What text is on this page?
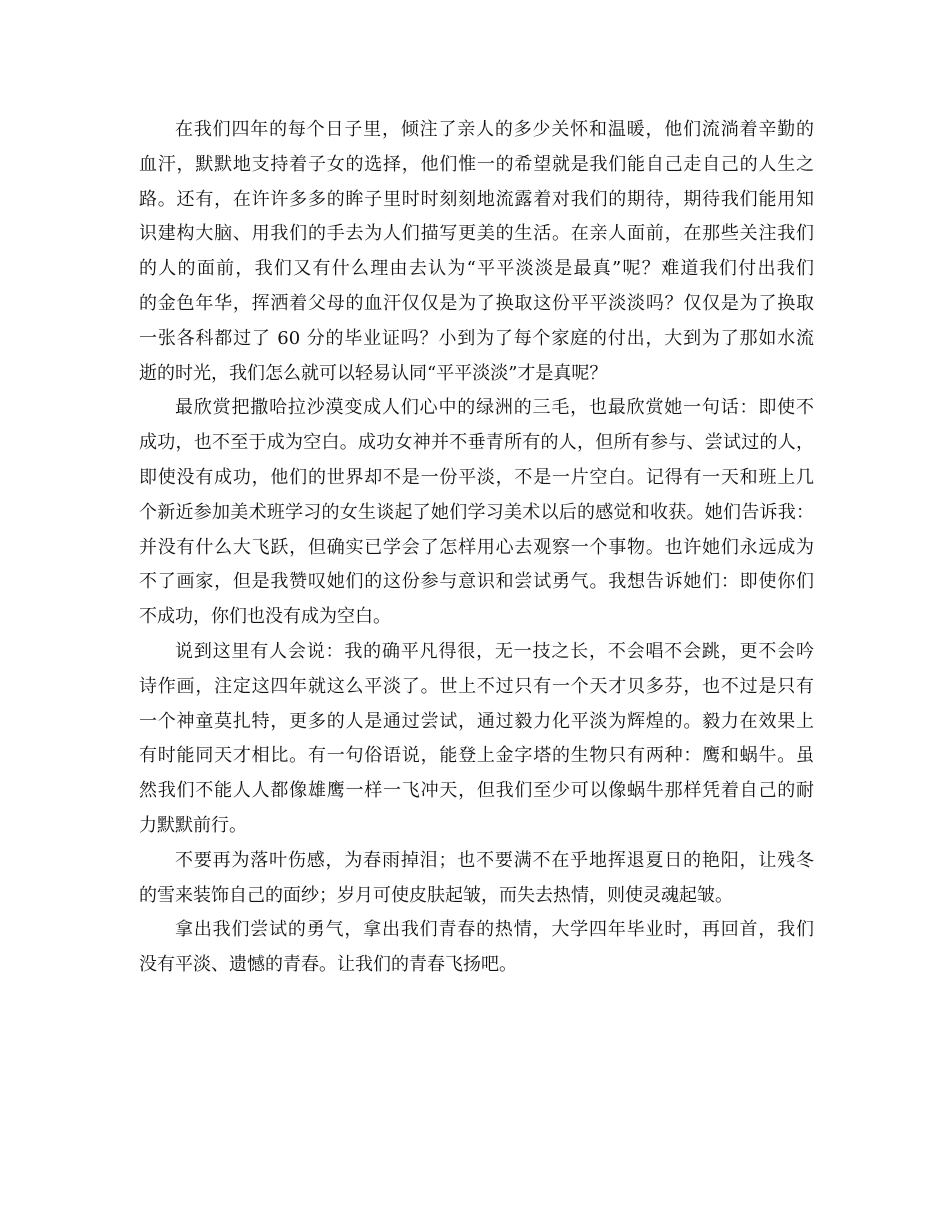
在我们四年的每个日子里，倾注了亲人的多少关怀和温暖，他们流淌着辛勤的
血汗，默默地支持着子女的选择，他们惟一的希望就是我们能自己走自己的人生之
路。还有，在许许多多的眸子里时时刻刻地流露着对我们的期待，期待我们能用知
识建构大脑、用我们的手去为人们描写更美的生活。在亲人面前，在那些关注我们
的人的面前，我们又有什么理由去认为“平平淡淡是最真”呢？难道我们付出我们
的金色年华，挥洒着父母的血汗仅仅是为了换取这份平平淡淡吗？仅仅是为了换取
一张各科都过了 60 分的毕业证吗？小到为了每个家庭的付出，大到为了那如水流
逝的时光，我们怎么就可以轻易认同“平平淡淡”才是真呢？
最欣赏把撒哈拉沙漠变成人们心中的绿洲的三毛，也最欣赏她一句话：即使不
成功，也不至于成为空白。成功女神并不垂青所有的人，但所有参与、尝试过的人，
即使没有成功，他们的世界却不是一份平淡，不是一片空白。记得有一天和班上几
个新近参加美术班学习的女生谈起了她们学习美术以后的感觉和收获。她们告诉我：
并没有什么大飞跃，但确实已学会了怎样用心去观察一个事物。也许她们永远成为
不了画家，但是我赞叹她们的这份参与意识和尝试勇气。我想告诉她们：即使你们
不成功，你们也没有成为空白。
说到这里有人会说：我的确平凡得很，无一技之长，不会唱不会跳，更不会吟
诗作画，注定这四年就这么平淡了。世上不过只有一个天才贝多芬，也不过是只有
一个神童莫扎特，更多的人是通过尝试，通过毅力化平淡为辉煌的。毅力在效果上
有时能同天才相比。有一句俗语说，能登上金字塔的生物只有两种：鹰和蜗牛。虽
然我们不能人人都像雄鹰一样一飞冲天，但我们至少可以像蜗牛那样凭着自己的耐
力默默前行。
不要再为落叶伤感，为春雨掉泪；也不要满不在乎地挥退夏日的艳阳，让残冬
的雪来装饰自己的面纱；岁月可使皮肤起皱，而失去热情，则使灵魂起皱。
拿出我们尝试的勇气，拿出我们青春的热情，大学四年毕业时，再回首，我们
没有平淡、遗憾的青春。让我们的青春飞扬吧。
